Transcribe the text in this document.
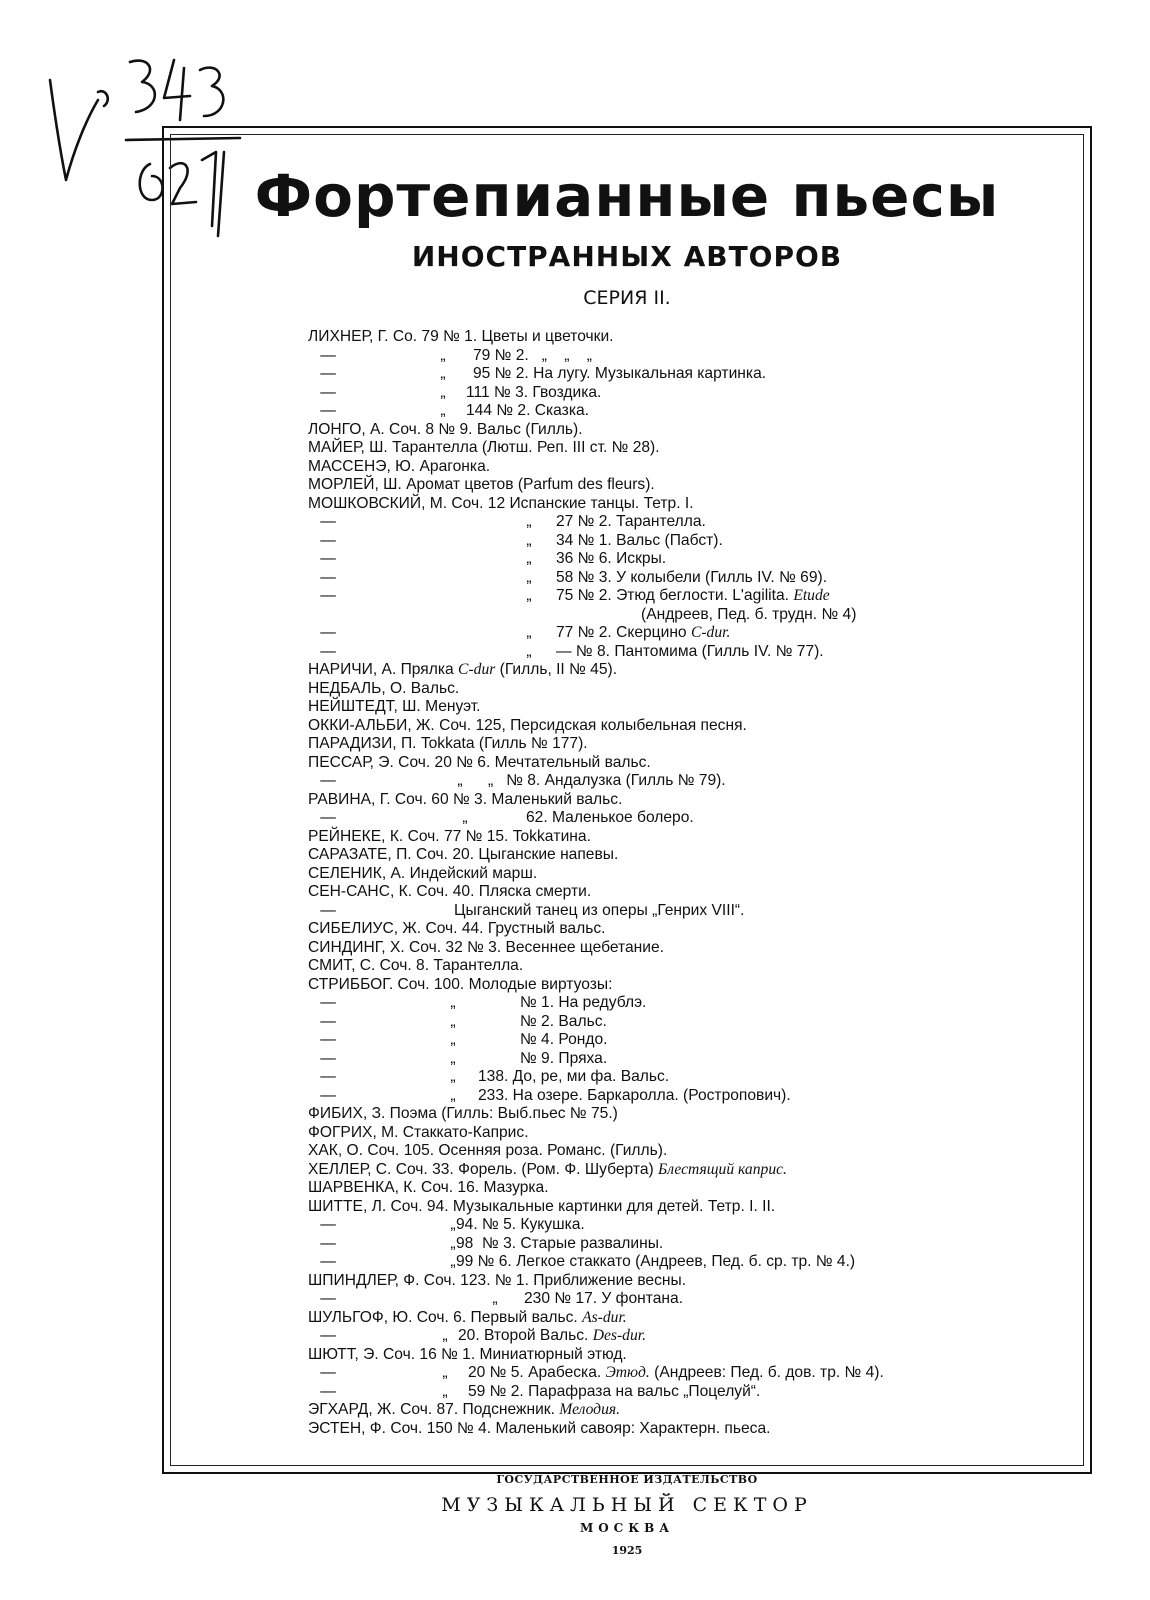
№ 348 / 824
Фортепианные пьесы
ИНОСТРАННЫХ АВТОРОВ
СЕРИЯ II.
ЛИХНЕР, Г. Со. 79 № 1. Цветы и цветочки.
—	„ 79 № 2.   „    „    „
—	„ 95 № 2. На лугу. Музыкальная картинка.
—	„ 111 № 3. Гвоздика.
—	„ 144 № 2. Сказка.
ЛОНГО, А. Соч. 8 № 9. Вальс (Гилль).
МАЙЕР, Ш. Тарантелла (Лютш. Реп. III ст. № 28).
МАССЕНЭ, Ю. Арагонка.
МОРЛЕЙ, Ш. Аромат цветов (Parfum des fleurs).
МОШКОВСКИЙ, М. Соч. 12 Испанские танцы. Тетр. I.
—	„ 27 № 2. Тарантелла.
—	„ 34 № 1. Вальс (Пабст).
—	„ 36 № 6. Искры.
—	„ 58 № 3. У колыбели (Гилль IV. № 69).
—	„ 75 № 2. Этюд беглости. L'agilita. Etude
(Андреев, Пед. б. трудн. № 4)
—	„ 77 № 2. Скерцино C-dur.
—	„ — № 8. Пантомима (Гилль IV. № 77).
НАРИЧИ, А. Прялка C-dur (Гилль, II № 45).
НЕДБАЛЬ, О. Вальс.
НЕЙШТЕДТ, Ш. Менуэт.
ОККИ-АЛЬБИ, Ж. Соч. 125, Персидская колыбельная песня.
ПАРАДИЗИ, П. Tokkata (Гилль № 177).
ПЕССАР, Э. Соч. 20 № 6. Мечтательный вальс.
—	„ „   № 8. Андалузка (Гилль № 79).
РАВИНА, Г. Соч. 60 № 3. Маленький вальс.
—	„	62. Маленькое болеро.
РЕЙНЕКЕ, К. Соч. 77 № 15. Tokkaтина.
САРАЗАТЕ, П. Соч. 20. Цыганские напевы.
СЕЛЕНИК, А. Индейский марш.
СЕН-САНС, К. Соч. 40. Пляска смерти.
—	Цыганский танец из оперы „Генрих VIII“.
СИБЕЛИУС, Ж. Соч. 44. Грустный вальс.
СИНДИНГ, Х. Соч. 32 № 3. Весеннее щебетание.
СМИТ, С. Соч. 8. Тарантелла.
СТРИББОГ. Соч. 100. Молодые виртуозы:
—	„	№ 1. На редублэ.
—	„	№ 2. Вальс.
—	„	№ 4. Рондо.
—	„	№ 9. Пряха.
—	„ 138. До, ре, ми фа. Вальс.
—	„ 233. На озере. Баркаролла. (Ростропович).
ФИБИХ, З. Поэма (Гилль: Выб.пьес № 75.)
ФОГРИХ, М. Стаккато-Каприс.
ХАК, О. Соч. 105. Осенняя роза. Романс. (Гилль).
ХЕЛЛЕР, С. Соч. 33. Форель. (Ром. Ф. Шуберта) Блестящий каприс.
ШАРВЕНКА, К. Соч. 16. Мазурка.
ШИТТЕ, Л. Соч. 94. Музыкальные картинки для детей. Тетр. I. II.
—	„ 94. № 5. Кукушка.
—	„ 98  № 3. Старые развалины.
—	„ 99 № 6. Легкое стаккато (Андреев, Пед. б. ср. тр. № 4.)
ШПИНДЛЕР, Ф. Соч. 123. № 1. Приближение весны.
—	„ 230 № 17. У фонтана.
ШУЛЬГОФ, Ю. Соч. 6. Первый вальс. As-dur.
—	„ 20. Второй Вальс. Des-dur.
ШЮТТ, Э. Соч. 16 № 1. Миниатюрный этюд.
—	„ 20 № 5. Арабеска. Этюд. (Андреев: Пед. б. дов. тр. № 4).
—	„ 59 № 2. Парафраза на вальс „Поцелуй“.
ЭГХАРД, Ж. Соч. 87. Подснежник. Мелодия.
ЭСТЕН, Ф. Соч. 150 № 4. Маленький савояр: Характерн. пьеса.
ГОСУДАРСТВЕННОЕ ИЗДАТЕЛЬСТВО
МУЗЫКАЛЬНЫЙ СЕКТОР
МОСКВА
1925
